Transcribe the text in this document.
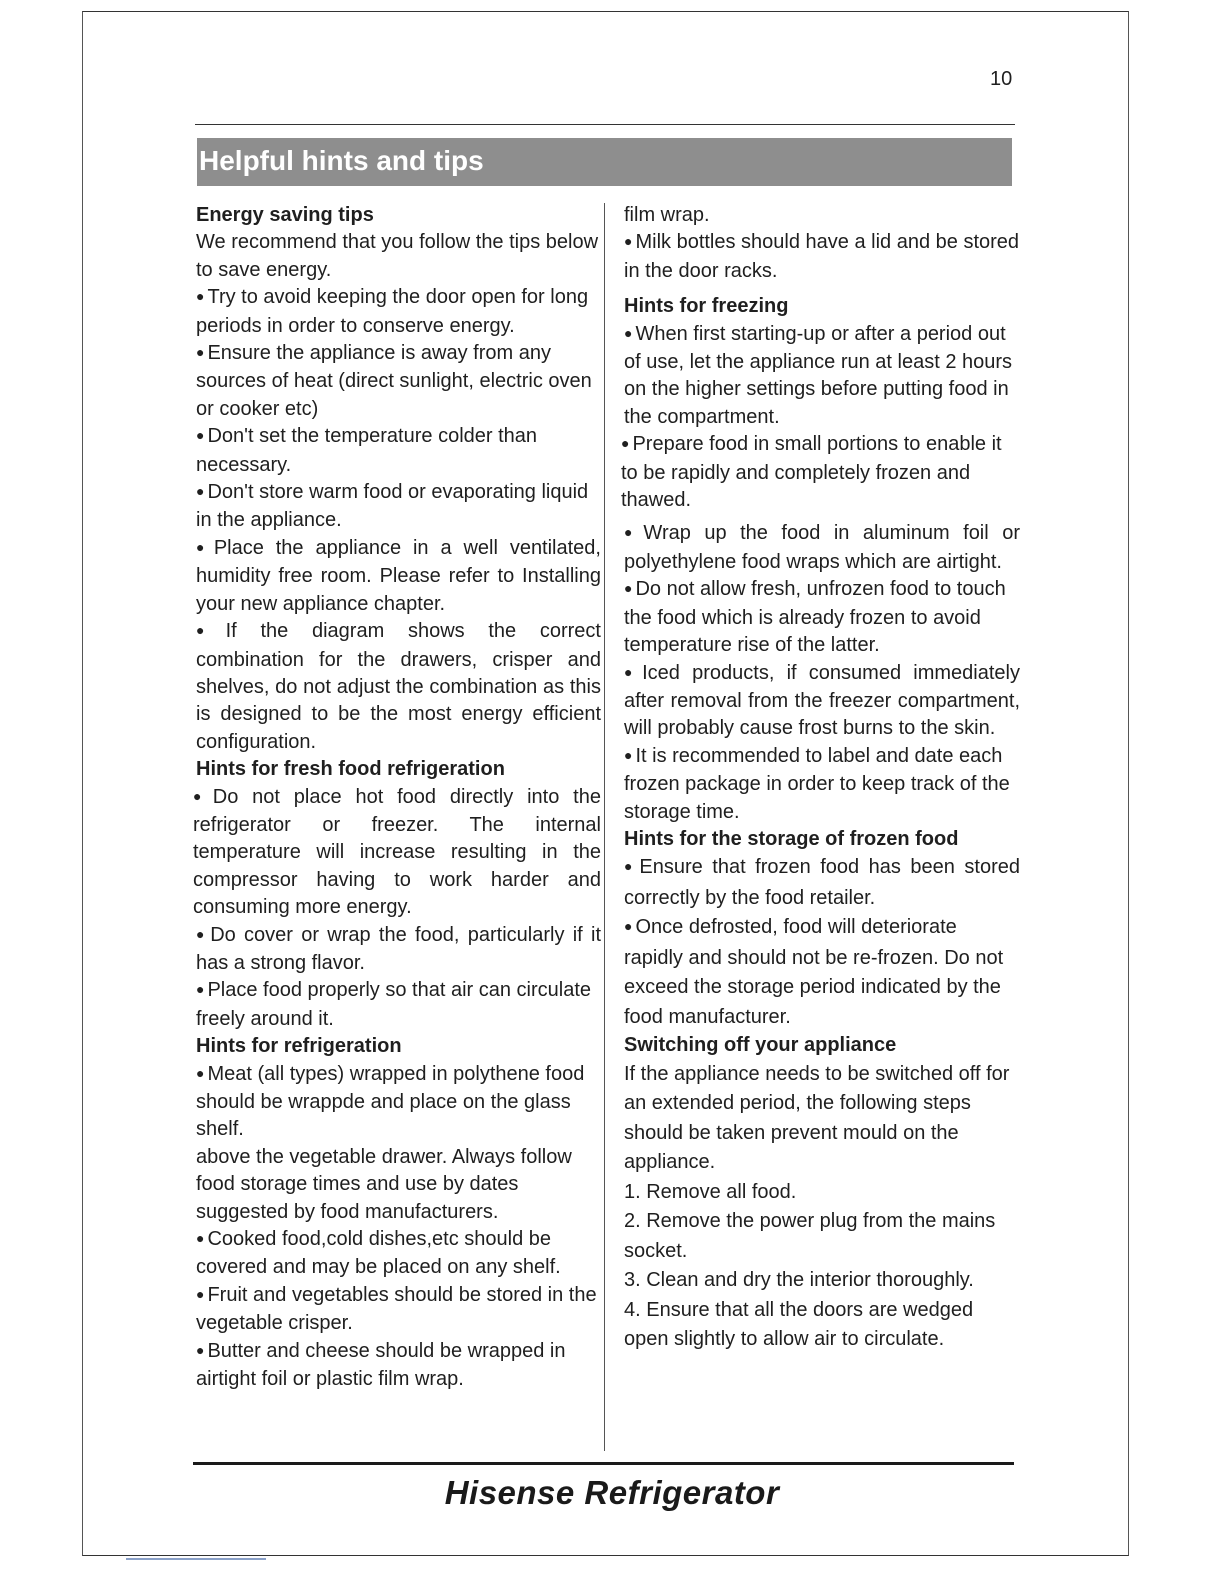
10
Helpful hints and tips

Energy saving tips

We recommend that you follow the tips below to save energy.

● Try to avoid keeping the door open for long periods in order to conserve energy.

● Ensure the appliance is away from any sources of heat (direct sunlight, electric oven or cooker etc)

● Don't set the temperature colder than necessary.

● Don't store warm food or evaporating liquid in the appliance.

● Place the appliance in a well ventilated, humidity free room. Please refer to Installing your new appliance chapter.

● If the diagram shows the correct combination for the drawers, crisper and shelves, do not adjust the combination as this is designed to be the most energy efficient configuration.

Hints for fresh food refrigeration

● Do not place hot food directly into the refrigerator or freezer. The internal temperature will increase resulting in the compressor having to work harder and consuming more energy.

● Do cover or wrap the food, particularly if it has a strong flavor.

● Place food properly so that air can circulate freely around it.

Hints for refrigeration

● Meat (all types) wrapped in polythene food should be wrappde and place on the glass shelf.

above the vegetable drawer. Always follow food storage times and use by dates suggested by food manufacturers.

● Cooked food,cold dishes,etc should be covered and may be placed on any shelf.

● Fruit and vegetables should be stored in the vegetable crisper.

● Butter and cheese should be wrapped in airtight foil or plastic film wrap.

film wrap.

● Milk bottles should have a lid and be stored in the door racks.

Hints for freezing

● When first starting-up or after a period out of use, let the appliance run at least 2 hours on the higher settings before putting food in the compartment.

● Prepare food in small portions to enable it to be rapidly and completely frozen and thawed.

● Wrap up the food in aluminum foil or polyethylene food wraps which are airtight.

● Do not allow fresh, unfrozen food to touch the food which is already frozen to avoid temperature rise of the latter.

● Iced products, if consumed immediately after removal from the freezer compartment, will probably cause frost burns to the skin.

● It is recommended to label and date each frozen package in order to keep track of the storage time.

Hints for the storage of frozen food

● Ensure that frozen food has been stored correctly by the food retailer.

● Once defrosted, food will deteriorate rapidly and should not be re-frozen. Do not exceed the storage period indicated by the food manufacturer.

Switching off your appliance

If the appliance needs to be switched off for an extended period, the following steps should be taken prevent mould on the appliance.

1. Remove all food.

2. Remove the power plug from the mains socket.

3. Clean and dry the interior thoroughly.

4. Ensure that all the doors are wedged open slightly to allow air to circulate.

Hisense Refrigerator
